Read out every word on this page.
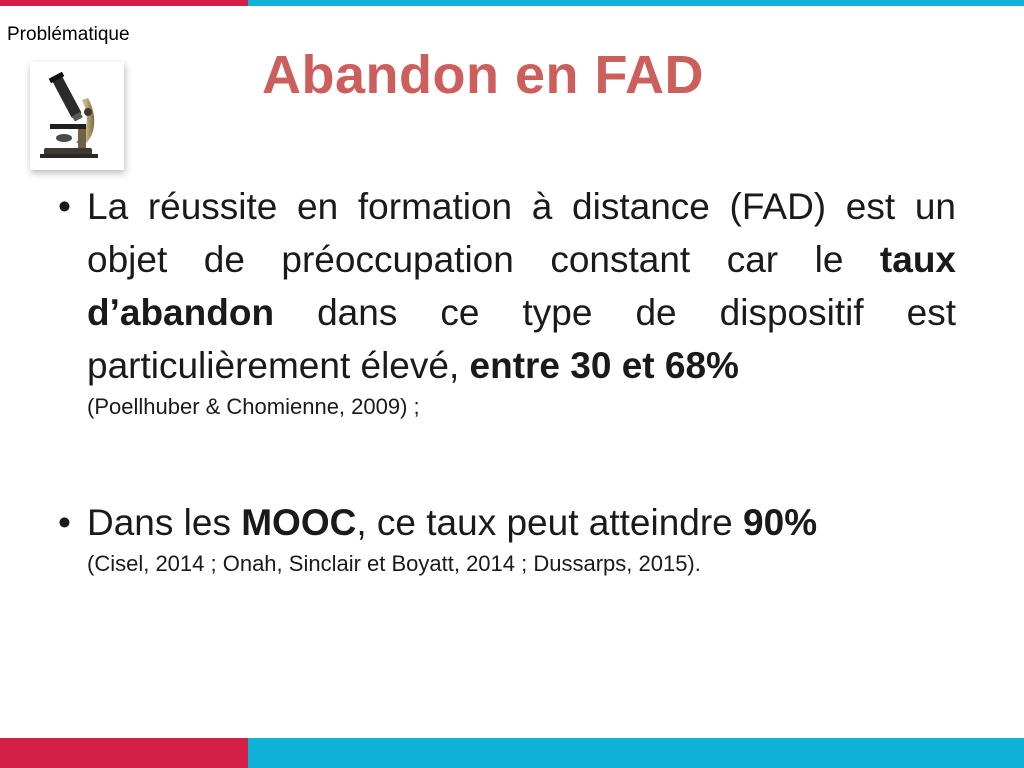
Problématique
Abandon en FAD
• La réussite en formation à distance (FAD) est un objet de préoccupation constant car le taux d’abandon dans ce type de dispositif est particulièrement élevé, entre 30 et 68%
(Poellhuber & Chomienne, 2009) ;
• Dans les MOOC, ce taux peut atteindre 90%
(Cisel, 2014 ; Onah, Sinclair et Boyatt, 2014 ; Dussarps, 2015).
